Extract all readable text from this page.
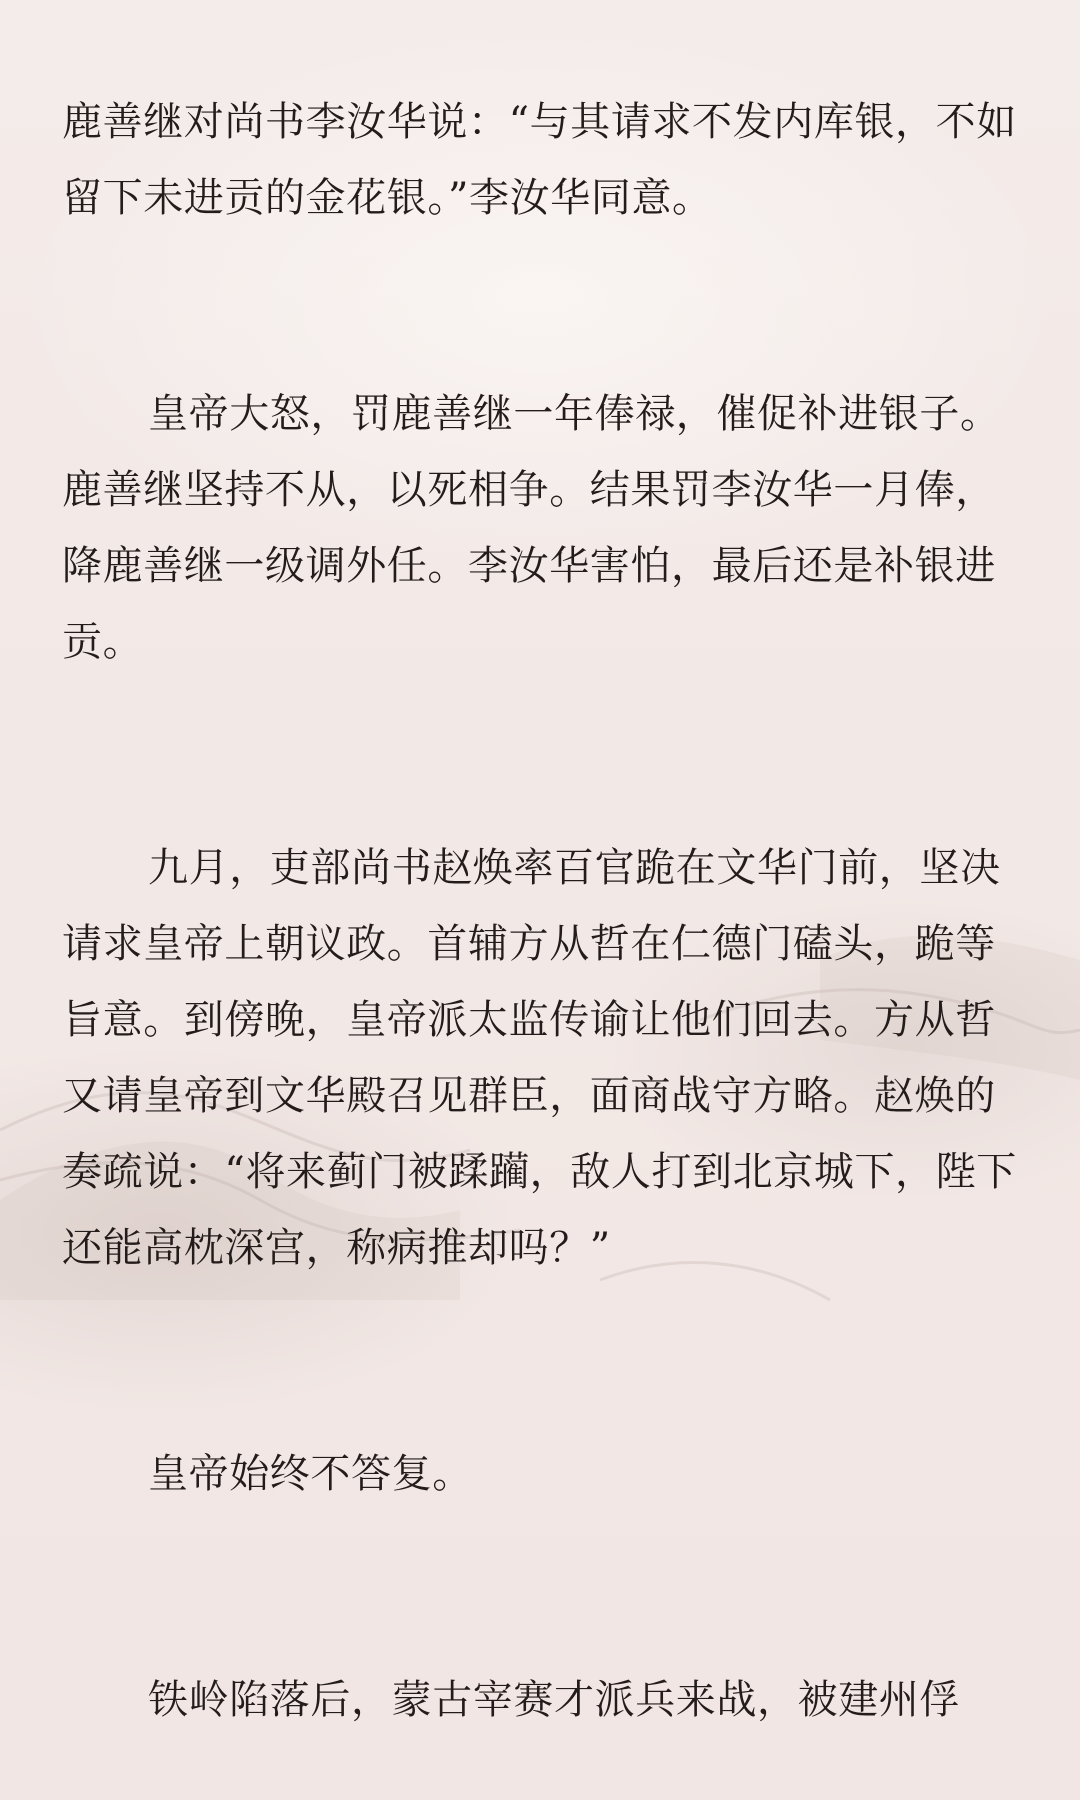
鹿善继对尚书李汝华说：“与其请求不发内库银，不如留下未进贡的金花银。”李汝华同意。

皇帝大怒，罚鹿善继一年俸禄，催促补进银子。鹿善继坚持不从，以死相争。结果罚李汝华一月俸，降鹿善继一级调外任。李汝华害怕，最后还是补银进贡。

九月，吏部尚书赵焕率百官跪在文华门前，坚决请求皇帝上朝议政。首辅方从哲在仁德门磕头，跪等旨意。到傍晚，皇帝派太监传谕让他们回去。方从哲又请皇帝到文华殿召见群臣，面商战守方略。赵焕的奏疏说：“将来蓟门被蹂躏，敌人打到北京城下，陛下还能高枕深宫，称病推却吗？”

皇帝始终不答复。

铁岭陷落后，蒙古宰赛才派兵来战，被建州俘
